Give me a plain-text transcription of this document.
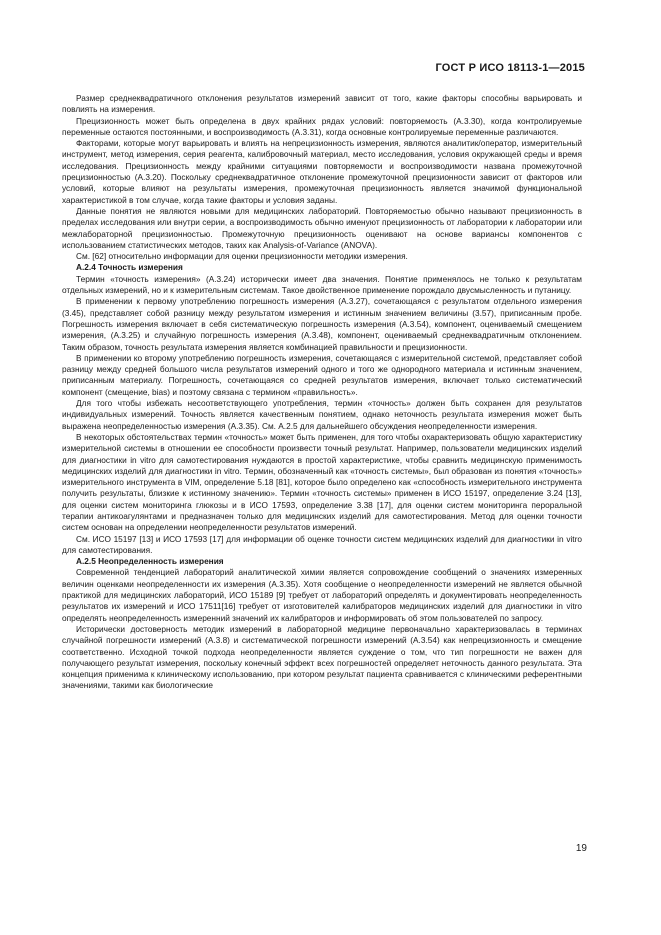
ГОСТ Р ИСО 18113-1—2015

Размер среднеквадратичного отклонения результатов измерений зависит от того, какие факторы способны варьировать и повлиять на измерения.

Прецизионность может быть определена в двух крайних рядах условий: повторяемость (A.3.30), когда контролируемые переменные остаются постоянными, и воспроизводимость (A.3.31), когда основные контролируемые переменные различаются.

Факторами, которые могут варьировать и влиять на непрецизионность измерения, являются аналитик/оператор, измерительный инструмент, метод измерения, серия реагента, калибровочный материал, место исследования, условия окружающей среды и время исследования. Прецизионность между крайними ситуациями повторяемости и воспроизводимости названа промежуточной прецизионностью (A.3.20). Поскольку среднеквадратичное отклонение промежуточной прецизионности зависит от факторов или условий, которые влияют на результаты измерения, промежуточная прецизионность является значимой функциональной характеристикой в том случае, когда такие факторы и условия заданы.

Данные понятия не являются новыми для медицинских лабораторий. Повторяемостью обычно называют прецизионность в пределах исследования или внутри серии, а воспроизводимость обычно именуют прецизионность от лаборатории к лаборатории или межлабораторной прецизионностью. Промежуточную прецизионность оценивают на основе вариансы компонентов с использованием статистических методов, таких как Analysis-of-Variance (ANOVA).

См. [62] относительно информации для оценки прецизионности методики измерения.

A.2.4 Точность измерения

Термин «точность измерения» (A.3.24) исторически имеет два значения. Понятие применялось не только к результатам отдельных измерений, но и к измерительным системам. Такое двойственное применение порождало двусмысленность и путаницу.

В применении к первому употреблению погрешность измерения (A.3.27), сочетающаяся с результатом отдельного измерения (3.45), представляет собой разницу между результатом измерения и истинным значением величины (3.57), приписанным пробе. Погрешность измерения включает в себя систематическую погрешность измерения (A.3.54), компонент, оцениваемый смещением измерения, (A.3.25) и случайную погрешность измерения (A.3.48), компонент, оцениваемый среднеквадратичным отклонением. Таким образом, точность результата измерения является комбинацией правильности и прецизионности.

В применении ко второму употреблению погрешность измерения, сочетающаяся с измерительной системой, представляет собой разницу между средней большого числа результатов измерений одного и того же однородного материала и истинным значением, приписанным материалу. Погрешность, сочетающаяся со средней результатов измерения, включает только систематический компонент (смещение, bias) и поэтому связана с термином «правильность».

Для того чтобы избежать несоответствующего употребления, термин «точность» должен быть сохранен для результатов индивидуальных измерений. Точность является качественным понятием, однако неточность результата измерения может быть выражена неопределенностью измерения (A.3.35). См. A.2.5 для дальнейшего обсуждения неопределенности измерения.

В некоторых обстоятельствах термин «точность» может быть применен, для того чтобы охарактеризовать общую характеристику измерительной системы в отношении ее способности произвести точный результат. Например, пользователи медицинских изделий для диагностики in vitro для самотестирования нуждаются в простой характеристике, чтобы сравнить медицинскую применимость медицинских изделий для диагностики in vitro. Термин, обозначенный как «точность системы», был образован из понятия «точность» измерительного инструмента в VIM, определение 5.18 [81], которое было определено как «способность измерительного инструмента получить результаты, близкие к истинному значению». Термин «точность системы» применен в ИСО 15197, определение 3.24 [13], для оценки систем мониторинга глюкозы и в ИСО 17593, определение 3.38 [17], для оценки систем мониторинга пероральной терапии антикоагулянтами и предназначен только для медицинских изделий для самотестирования. Метод для оценки точности систем основан на определении неопределенности результатов измерений.

См. ИСО 15197 [13] и ИСО 17593 [17] для информации об оценке точности систем медицинских изделий для диагностики in vitro для самотестирования.

A.2.5 Неопределенность измерения

Современной тенденцией лабораторий аналитической химии является сопровождение сообщений о значениях измеренных величин оценками неопределенности их измерения (A.3.35). Хотя сообщение о неопределенности измерений не является обычной практикой для медицинских лабораторий, ИСО 15189 [9] требует от лабораторий определять и документировать неопределенность результатов их измерений и ИСО 17511[16] требует от изготовителей калибраторов медицинских изделий для диагностики in vitro определять неопределенность измеренний значений их калибраторов и информировать об этом пользователей по запросу.

Исторически достоверность методик измерений в лабораторной медицине первоначально характеризовалась в терминах случайной погрешности измерений (A.3.8) и систематической погрешности измерений (A.3.54) как непрецизионность и смещение соответственно. Исходной точкой подхода неопределенности является суждение о том, что тип погрешности не важен для получающего результат измерения, поскольку конечный эффект всех погрешностей определяет неточность данного результата. Эта концепция применима к клиническому использованию, при котором результат пациента сравнивается с клиническими референтными значениями, такими как биологические

19
